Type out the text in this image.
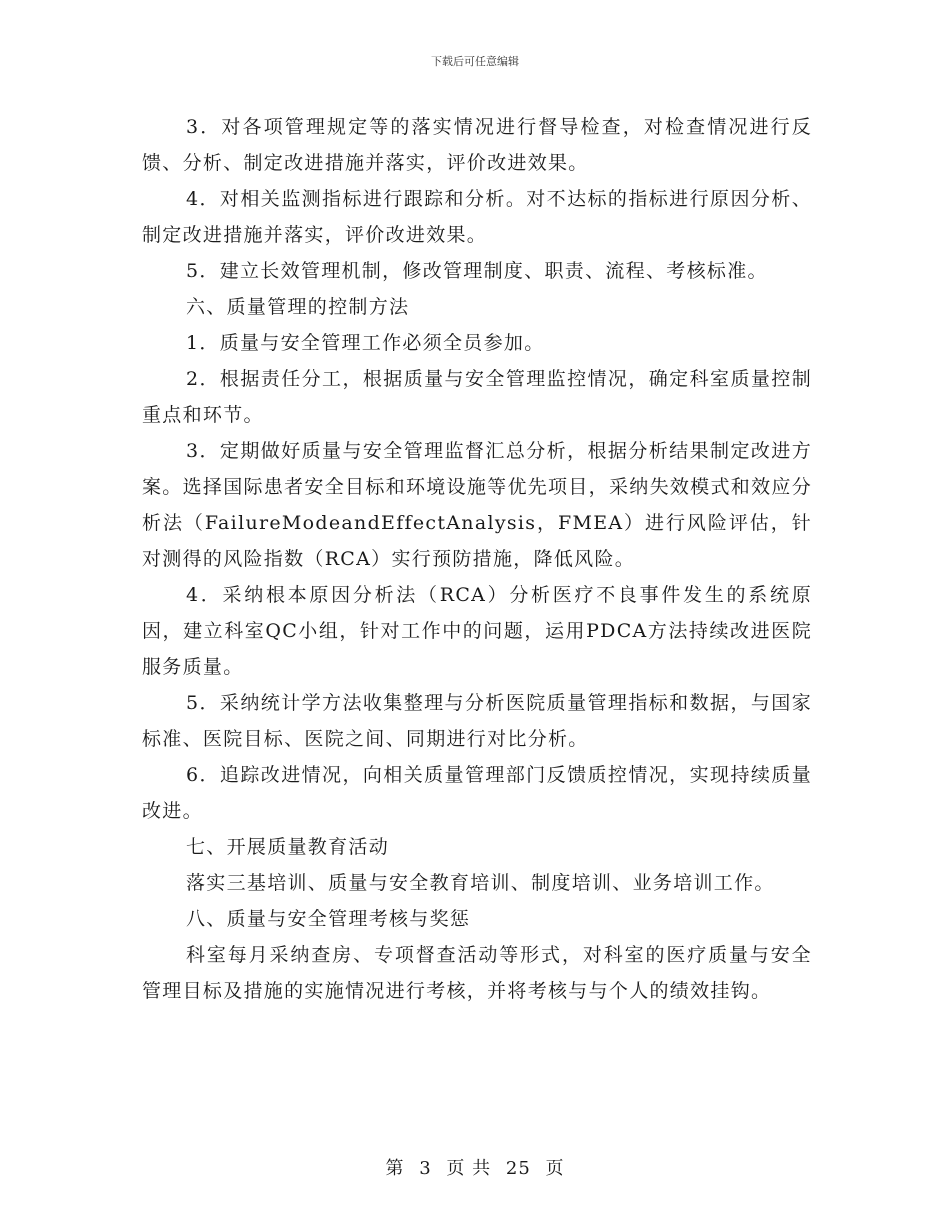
下载后可任意编辑

3．对各项管理规定等的落实情况进行督导检查，对检查情况进行反馈、分析、制定改进措施并落实，评价改进效果。

4．对相关监测指标进行跟踪和分析。对不达标的指标进行原因分析、制定改进措施并落实，评价改进效果。

5．建立长效管理机制，修改管理制度、职责、流程、考核标准。

六、质量管理的控制方法

1．质量与安全管理工作必须全员参加。

2．根据责任分工，根据质量与安全管理监控情况，确定科室质量控制重点和环节。

3．定期做好质量与安全管理监督汇总分析，根据分析结果制定改进方案。选择国际患者安全目标和环境设施等优先项目，采纳失效模式和效应分析法（FailureModeandEffectAnalysis，FMEA）进行风险评估，针对测得的风险指数（RCA）实行预防措施，降低风险。

4．采纳根本原因分析法（RCA）分析医疗不良事件发生的系统原因，建立科室QC小组，针对工作中的问题，运用PDCA方法持续改进医院服务质量。

5．采纳统计学方法收集整理与分析医院质量管理指标和数据，与国家标准、医院目标、医院之间、同期进行对比分析。

6．追踪改进情况，向相关质量管理部门反馈质控情况，实现持续质量改进。

七、开展质量教育活动

落实三基培训、质量与安全教育培训、制度培训、业务培训工作。

八、质量与安全管理考核与奖惩

科室每月采纳查房、专项督查活动等形式，对科室的医疗质量与安全管理目标及措施的实施情况进行考核，并将考核与与个人的绩效挂钩。

第 3 页 共 25 页
